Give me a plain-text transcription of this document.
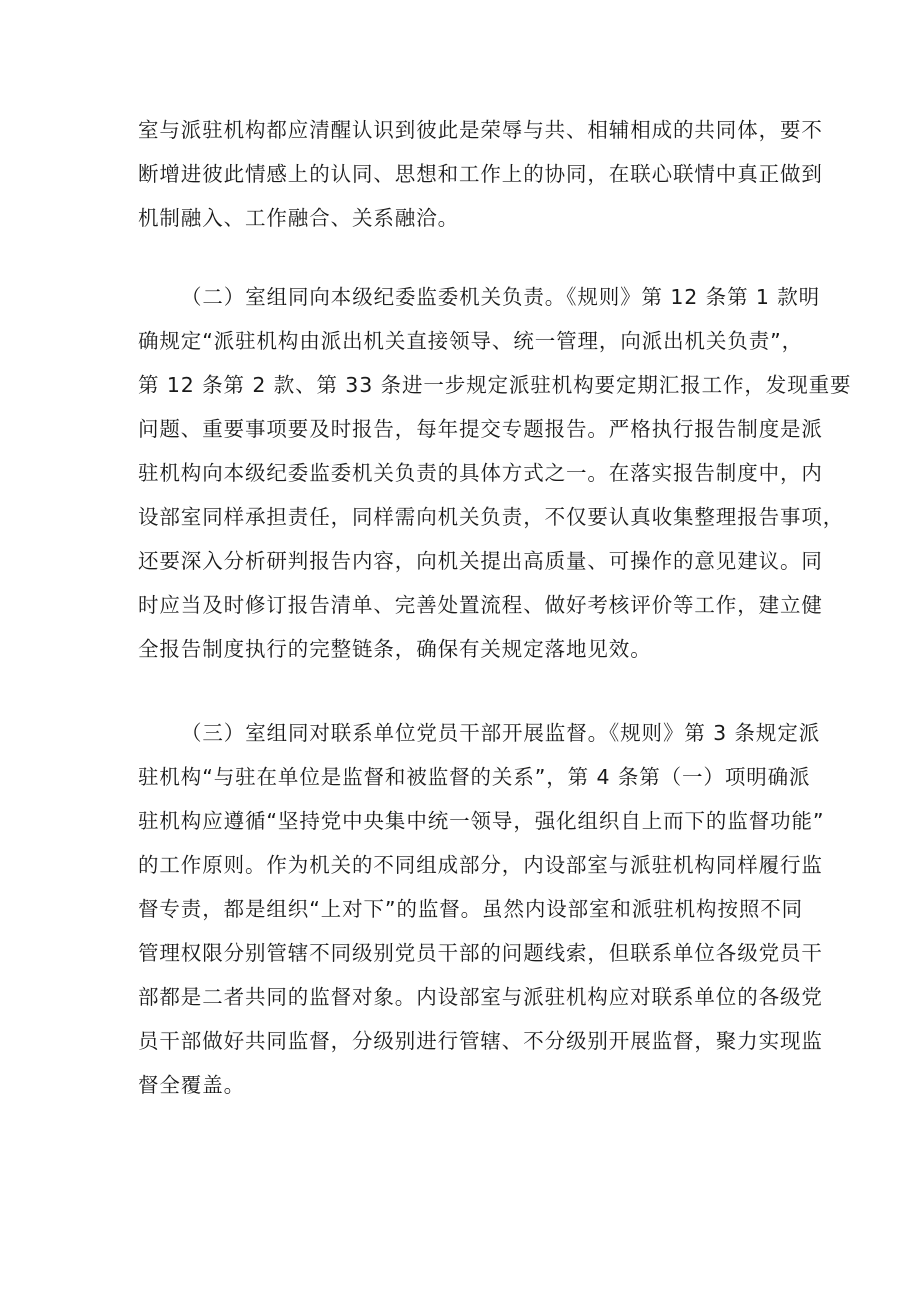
室与派驻机构都应清醒认识到彼此是荣辱与共、相辅相成的共同体，要不
断增进彼此情感上的认同、思想和工作上的协同，在联心联情中真正做到
机制融入、工作融合、关系融洽。
（二）室组同向本级纪委监委机关负责。《规则》第 12 条第 1 款明
确规定“派驻机构由派出机关直接领导、统一管理，向派出机关负责”，
第 12 条第 2 款、第 33 条进一步规定派驻机构要定期汇报工作，发现重要
问题、重要事项要及时报告，每年提交专题报告。严格执行报告制度是派
驻机构向本级纪委监委机关负责的具体方式之一。在落实报告制度中，内
设部室同样承担责任，同样需向机关负责，不仅要认真收集整理报告事项，
还要深入分析研判报告内容，向机关提出高质量、可操作的意见建议。同
时应当及时修订报告清单、完善处置流程、做好考核评价等工作，建立健
全报告制度执行的完整链条，确保有关规定落地见效。
（三）室组同对联系单位党员干部开展监督。《规则》第 3 条规定派
驻机构“与驻在单位是监督和被监督的关系”，第 4 条第（一）项明确派
驻机构应遵循“坚持党中央集中统一领导，强化组织自上而下的监督功能”
的工作原则。作为机关的不同组成部分，内设部室与派驻机构同样履行监
督专责，都是组织“上对下”的监督。虽然内设部室和派驻机构按照不同
管理权限分别管辖不同级别党员干部的问题线索，但联系单位各级党员干
部都是二者共同的监督对象。内设部室与派驻机构应对联系单位的各级党
员干部做好共同监督，分级别进行管辖、不分级别开展监督，聚力实现监
督全覆盖。
